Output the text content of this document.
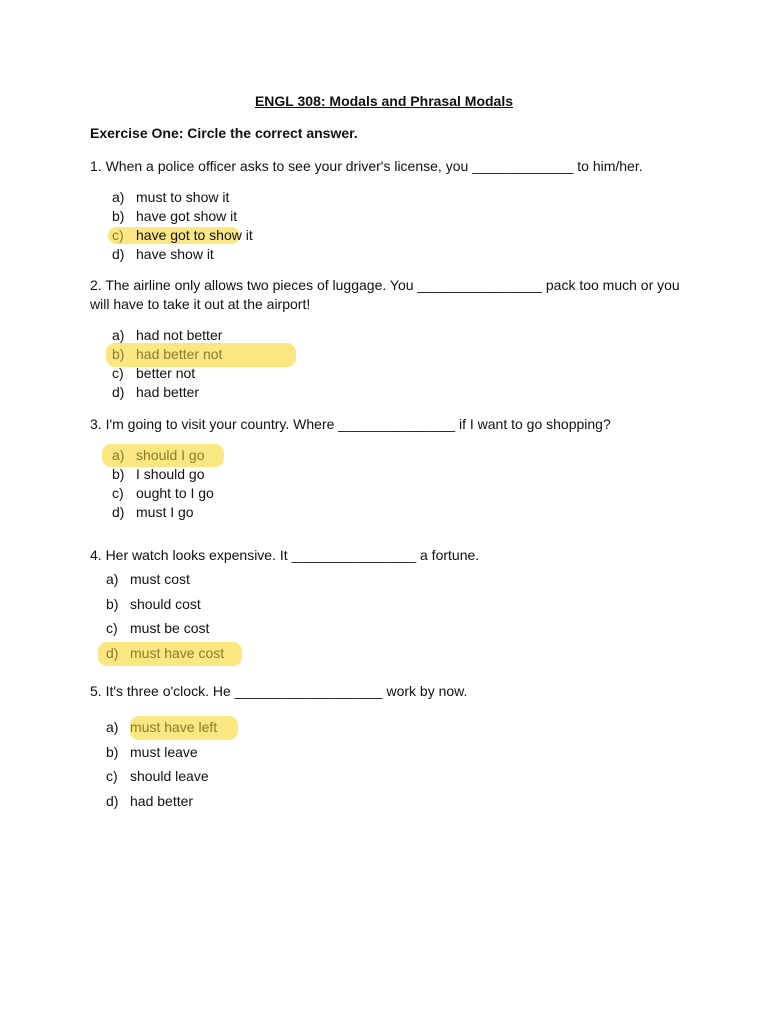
ENGL 308: Modals and Phrasal Modals

Exercise One: Circle the correct answer.

1. When a police officer asks to see your driver's license, you _____________ to him/her.

a) must to show it
b) have got show it
c) have got to show it
d) have show it

2. The airline only allows two pieces of luggage. You ________________ pack too much or you will have to take it out at the airport!

a) had not better
b) had better not
c) better not
d) had better

3. I'm going to visit your country. Where _______________ if I want to go shopping?

a) should I go
b) I should go
c) ought to I go
d) must I go

4. Her watch looks expensive. It ________________ a fortune.

a) must cost
b) should cost
c) must be cost
d) must have cost

5. It's three o'clock. He ___________________ work by now.

a) must have left
b) must leave
c) should leave
d) had better
